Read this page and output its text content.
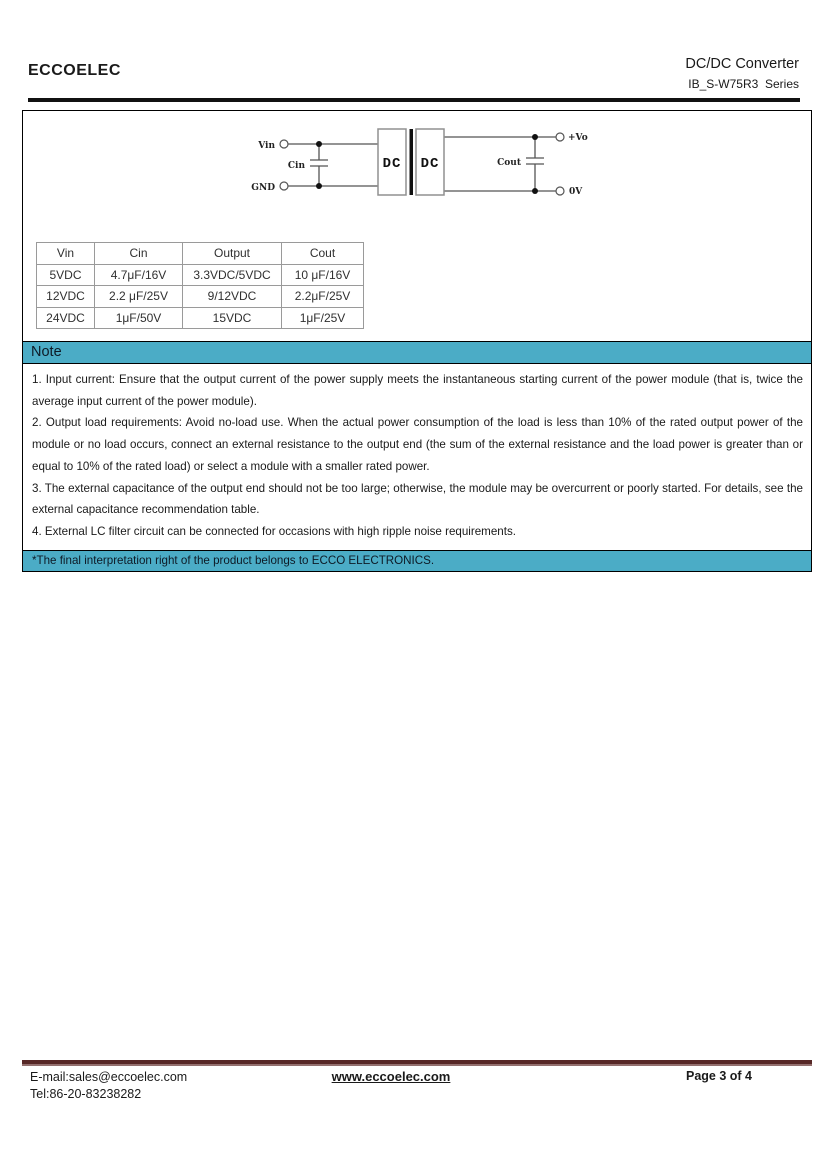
ECCOELEC	DC/DC Converter
IB_S-W75R3  Series
Vin
Cin
GND
DC DC	Cout
+Vo
0V
Vin	Cin	Output	Cout
5VDC	4.7μF/16V	3.3VDC/5VDC	10 μF/16V
12VDC	2.2 μF/25V	9/12VDC	2.2μF/25V
24VDC	1μF/50V	15VDC	1μF/25V
Note

1. Input current: Ensure that the output current of the power supply meets the instantaneous starting current of the power module (that is, twice the average input current of the power module).

2. Output load requirements: Avoid no-load use. When the actual power consumption of the load is less than 10% of the rated output power of the module or no load occurs, connect an external resistance to the output end (the sum of the external resistance and the load power is greater than or equal to 10% of the rated load) or select a module with a smaller rated power.

3. The external capacitance of the output end should not be too large; otherwise, the module may be overcurrent or poorly started. For details, see the external capacitance recommendation table.

4. External LC filter circuit can be connected for occasions with high ripple noise requirements.

*The final interpretation right of the product belongs to ECCO ELECTRONICS.
E-mail:sales@eccoelec.com
Tel:86-20-83238282
www.eccoelec.com	Page 3 of 4
